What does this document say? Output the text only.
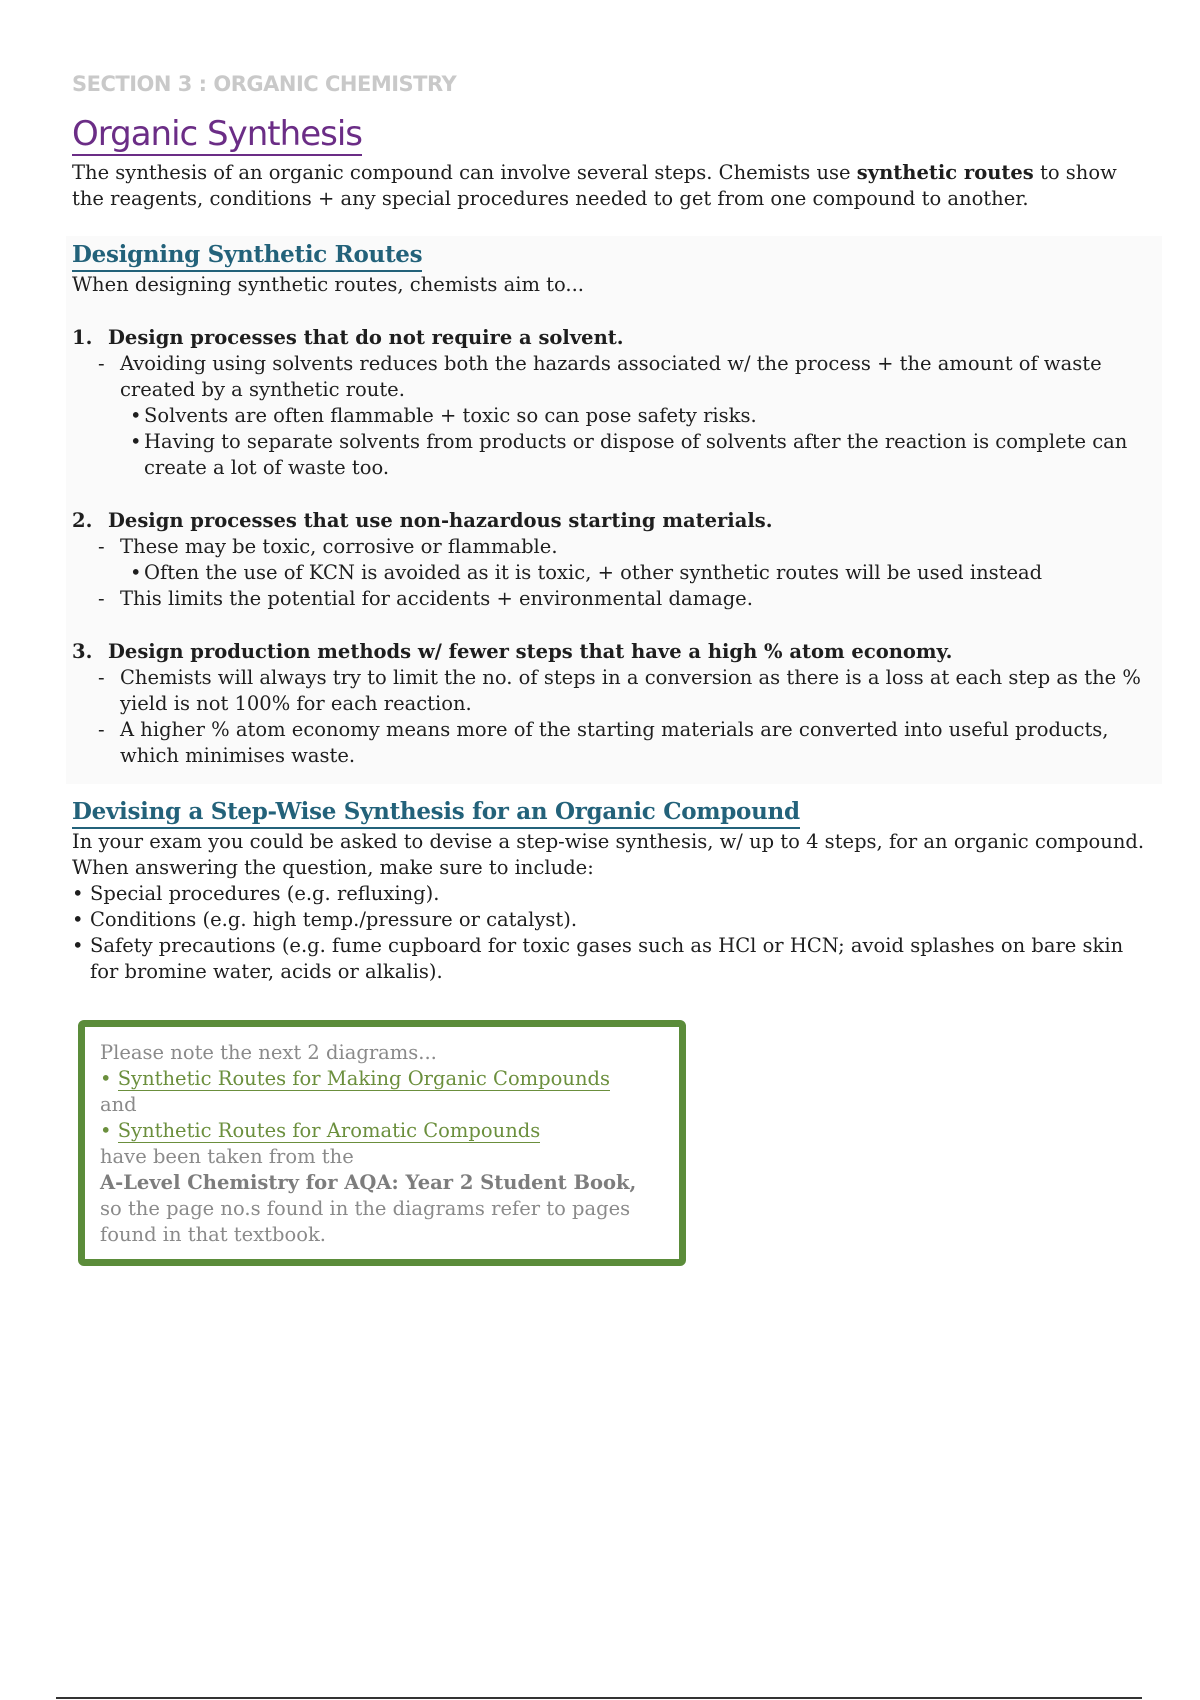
SECTION 3 : ORGANIC CHEMISTRY
Organic Synthesis
The synthesis of an organic compound can involve several steps. Chemists use synthetic routes to show the reagents, conditions + any special procedures needed to get from one compound to another.
Designing Synthetic Routes
When designing synthetic routes, chemists aim to...
1. Design processes that do not require a solvent.
- Avoiding using solvents reduces both the hazards associated w/ the process + the amount of waste created by a synthetic route.
• Solvents are often flammable + toxic so can pose safety risks.
• Having to separate solvents from products or dispose of solvents after the reaction is complete can create a lot of waste too.
2. Design processes that use non-hazardous starting materials.
- These may be toxic, corrosive or flammable.
• Often the use of KCN is avoided as it is toxic, + other synthetic routes will be used instead
- This limits the potential for accidents + environmental damage.
3. Design production methods w/ fewer steps that have a high % atom economy.
- Chemists will always try to limit the no. of steps in a conversion as there is a loss at each step as the % yield is not 100% for each reaction.
- A higher % atom economy means more of the starting materials are converted into useful products, which minimises waste.
Devising a Step-Wise Synthesis for an Organic Compound
In your exam you could be asked to devise a step-wise synthesis, w/ up to 4 steps, for an organic compound. When answering the question, make sure to include:
• Special procedures (e.g. refluxing).
• Conditions (e.g. high temp./pressure or catalyst).
• Safety precautions (e.g. fume cupboard for toxic gases such as HCl or HCN; avoid splashes on bare skin for bromine water, acids or alkalis).
Please note the next 2 diagrams...
• Synthetic Routes for Making Organic Compounds
and
• Synthetic Routes for Aromatic Compounds
have been taken from the
A-Level Chemistry for AQA: Year 2 Student Book,
so the page no.s found in the diagrams refer to pages
found in that textbook.
